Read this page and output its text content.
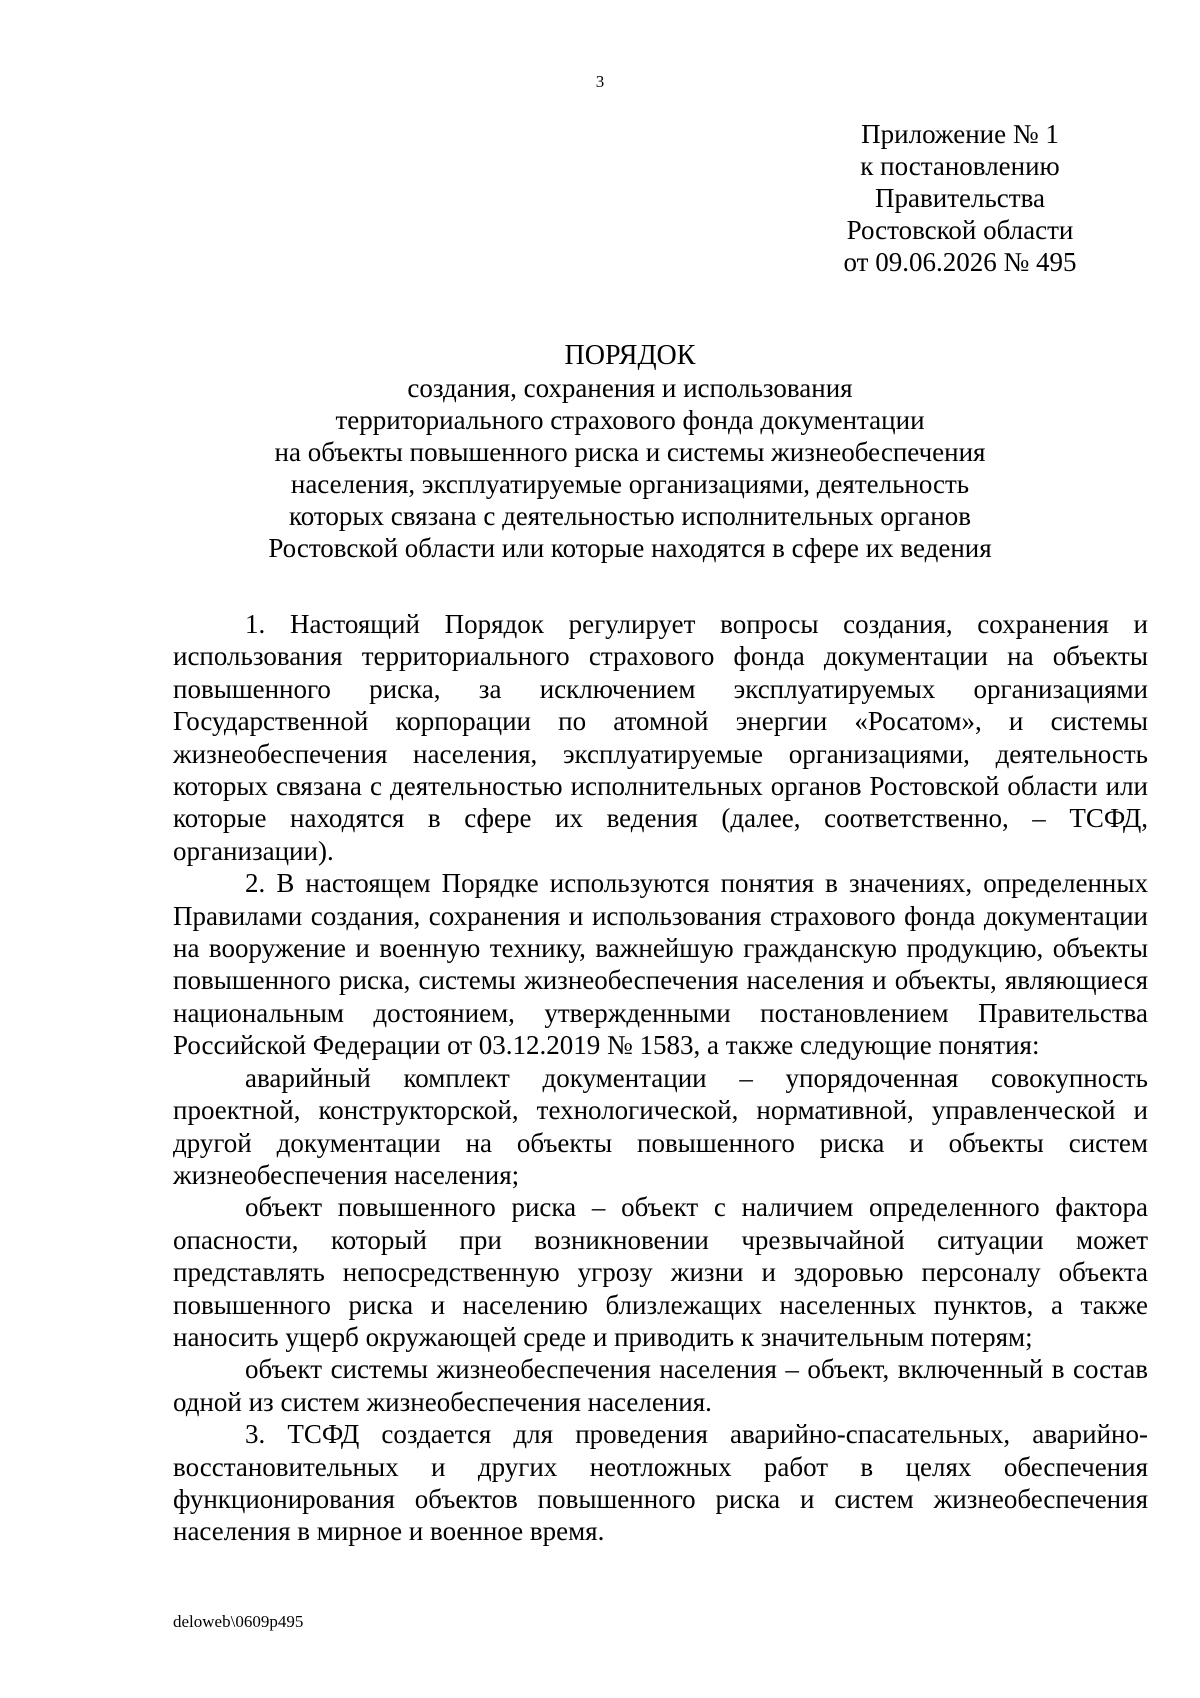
3
Приложение № 1
к постановлению
Правительства
Ростовской области
от 09.06.2026 № 495
ПОРЯДОК
создания, сохранения и использования
территориального страхового фонда документации
на объекты повышенного риска и системы жизнеобеспечения
населения, эксплуатируемые организациями, деятельность
которых связана с деятельностью исполнительных органов
Ростовской области или которые находятся в сфере их ведения

1. Настоящий Порядок регулирует вопросы создания, сохранения и использования территориального страхового фонда документации на объекты повышенного риска, за исключением эксплуатируемых организациями Государственной корпорации по атомной энергии «Росатом», и системы жизнеобеспечения населения, эксплуатируемые организациями, деятельность которых связана с деятельностью исполнительных органов Ростовской области или которые находятся в сфере их ведения (далее, соответственно, – ТСФД, организации).

2. В настоящем Порядке используются понятия в значениях, определенных Правилами создания, сохранения и использования страхового фонда документации на вооружение и военную технику, важнейшую гражданскую продукцию, объекты повышенного риска, системы жизнеобеспечения населения и объекты, являющиеся национальным достоянием, утвержденными постановлением Правительства Российской Федерации от 03.12.2019 № 1583, а также следующие понятия:

аварийный комплект документации – упорядоченная совокупность проектной, конструкторской, технологической, нормативной, управленческой и другой документации на объекты повышенного риска и объекты систем жизнеобеспечения населения;

объект повышенного риска – объект с наличием определенного фактора опасности, который при возникновении чрезвычайной ситуации может представлять непосредственную угрозу жизни и здоровью персоналу объекта повышенного риска и населению близлежащих населенных пунктов, а также наносить ущерб окружающей среде и приводить к значительным потерям;

объект системы жизнеобеспечения населения – объект, включенный в состав одной из систем жизнеобеспечения населения.

3. ТСФД создается для проведения аварийно-спасательных, аварийно-восстановительных и других неотложных работ в целях обеспечения функционирования объектов повышенного риска и систем жизнеобеспечения населения в мирное и военное время.

deloweb\0609p495
